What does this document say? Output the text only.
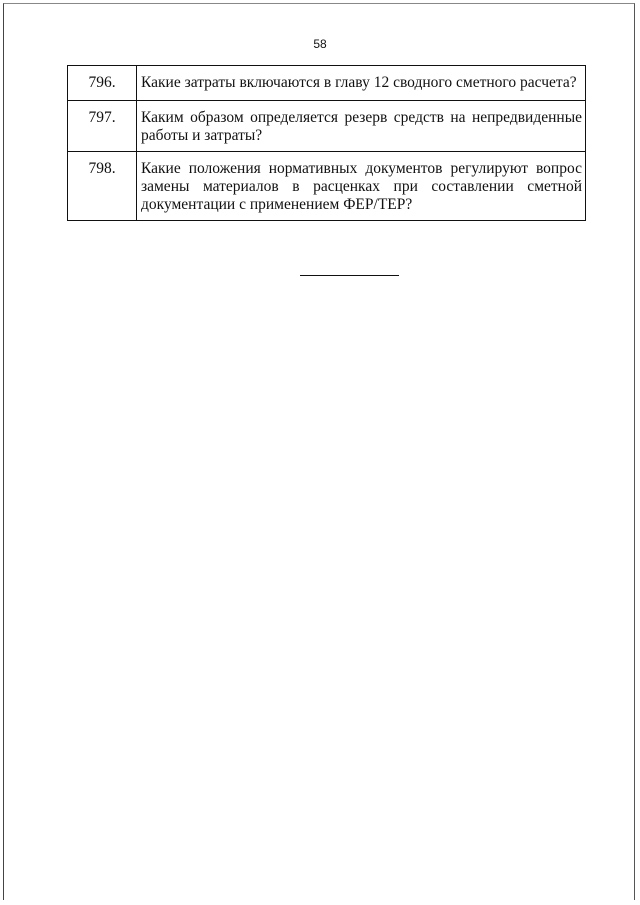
58
796.	Какие затраты включаются в главу 12 сводного сметного расчета?
797.	Каким образом определяется резерв средств на непредвиденные работы и затраты?
798.	Какие положения нормативных документов регулируют вопрос замены материалов в расценках при составлении сметной документации с применением ФЕР/ТЕР?
